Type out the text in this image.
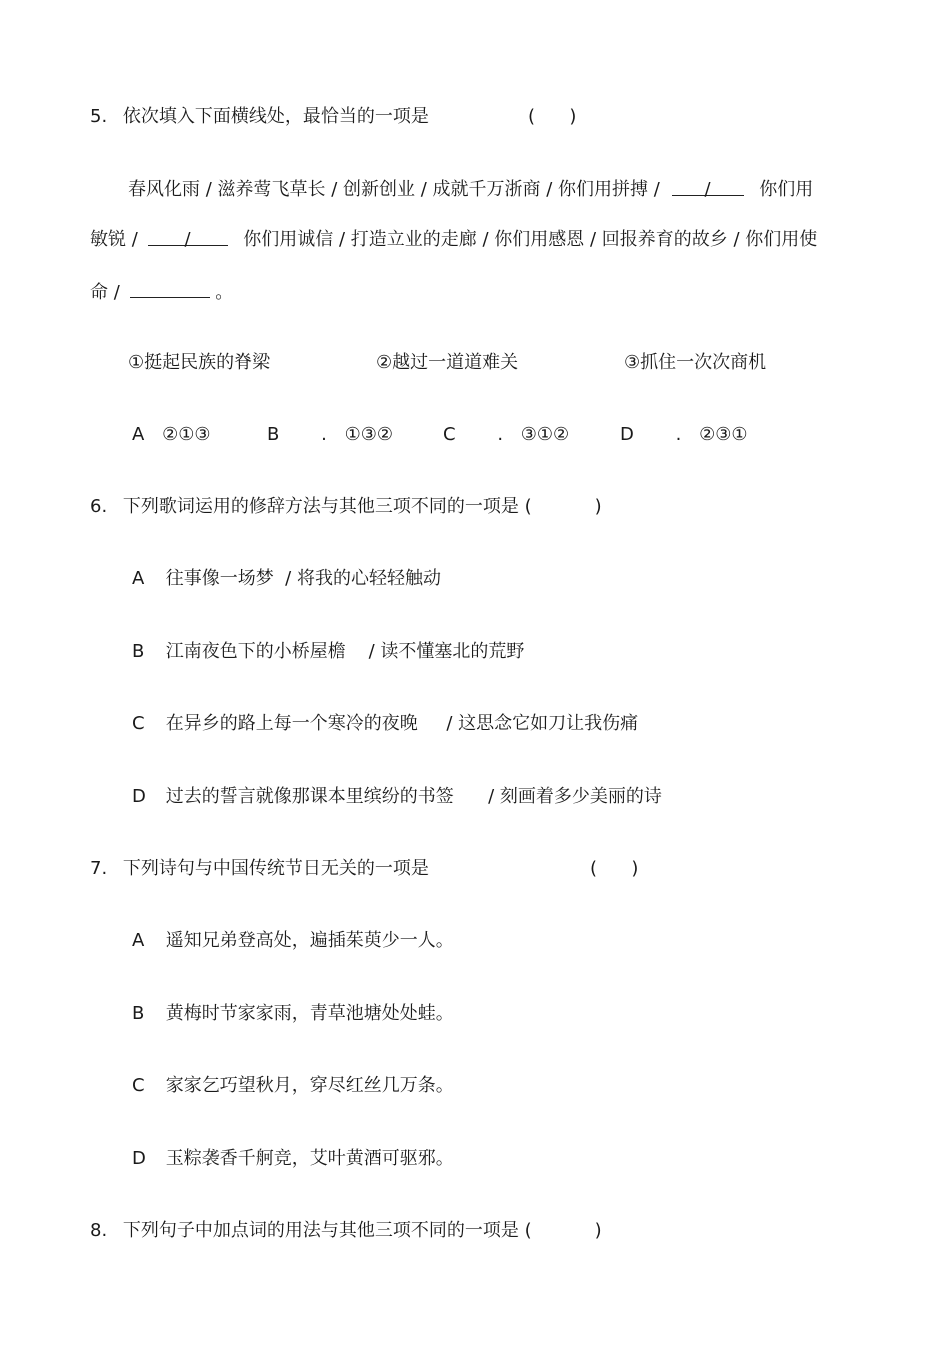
5. 依次填入下面横线处，最恰当的一项是	(      )
春风化雨 / 滋养莺飞草长 / 创新创业 / 成就千万浙商 / 你们用拼搏 / /	你们用
敏锐 /	/	你们用诚信 / 打造立业的走廊 / 你们用感恩 / 回报养育的故乡 / 你们用使
命 /	。
①挺起民族的脊梁	②越过一道道难关	③抓住一次次商机
A ②①③	B . ①③②	C . ③①②	D . ②③①
6. 下列歌词运用的修辞方法与其他三项不同的一项是 (           )
A 往事像一场梦  / 将我的心轻轻触动
B 江南夜色下的小桥屋檐    / 读不懂塞北的荒野
C 在异乡的路上每一个寒冷的夜晚     / 这思念它如刀让我伤痛
D 过去的誓言就像那课本里缤纷的书签      / 刻画着多少美丽的诗
7. 下列诗句与中国传统节日无关的一项是	(      )
A 遥知兄弟登高处，遍插茱萸少一人。
B 黄梅时节家家雨，青草池塘处处蛙。
C 家家乞巧望秋月，穿尽红丝几万条。
D 玉粽袭香千舸竞，艾叶黄酒可驱邪。
8. 下列句子中加点词的用法与其他三项不同的一项是 (           )
